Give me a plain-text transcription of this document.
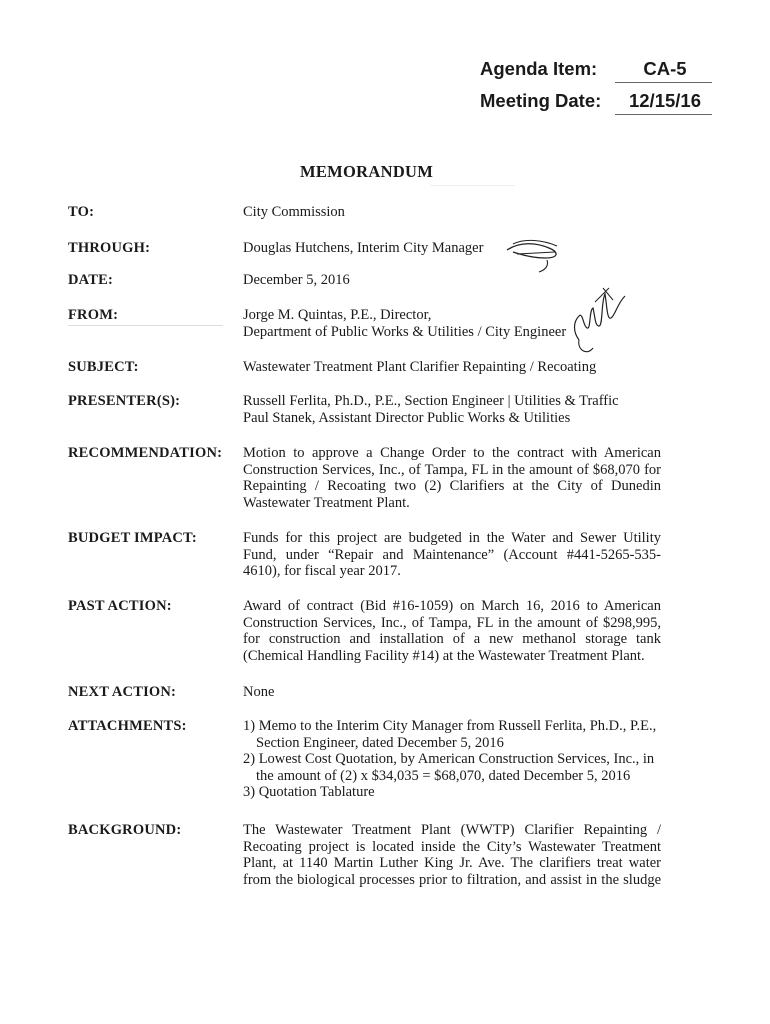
Agenda Item:	CA-5
Meeting Date:	12/15/16
MEMORANDUM
TO:	City Commission
THROUGH:	Douglas Hutchens, Interim City Manager
DATE:	December 5, 2016
FROM:	Jorge M. Quintas, P.E., Director,
Department of Public Works & Utilities / City Engineer
SUBJECT:	Wastewater Treatment Plant Clarifier Repainting / Recoating
PRESENTER(S):	Russell Ferlita, Ph.D., P.E., Section Engineer | Utilities & Traffic
Paul Stanek, Assistant Director Public Works & Utilities
RECOMMENDATION: Motion to approve a Change Order to the contract with American
Construction Services, Inc., of Tampa, FL in the amount of $68,070 for
Repainting / Recoating two (2) Clarifiers at the City of Dunedin
Wastewater Treatment Plant.
BUDGET IMPACT:	Funds for this project are budgeted in the Water and Sewer Utility
Fund, under “Repair and Maintenance” (Account #441-5265-535-
4610), for fiscal year 2017.
PAST ACTION:	Award of contract (Bid #16-1059) on March 16, 2016 to American
Construction Services, Inc., of Tampa, FL in the amount of $298,995,
for construction and installation of a new methanol storage tank
(Chemical Handling Facility #14) at the Wastewater Treatment Plant.
NEXT ACTION:	None
ATTACHMENTS:	1) Memo to the Interim City Manager from Russell Ferlita, Ph.D., P.E.,
Section Engineer, dated December 5, 2016
2) Lowest Cost Quotation, by American Construction Services, Inc., in
the amount of (2) x $34,035 = $68,070, dated December 5, 2016
3) Quotation Tablature
BACKGROUND:	The Wastewater Treatment Plant (WWTP) Clarifier Repainting /
Recoating project is located inside the City’s Wastewater Treatment
Plant, at 1140 Martin Luther King Jr. Ave. The clarifiers treat water
from the biological processes prior to filtration, and assist in the sludge
